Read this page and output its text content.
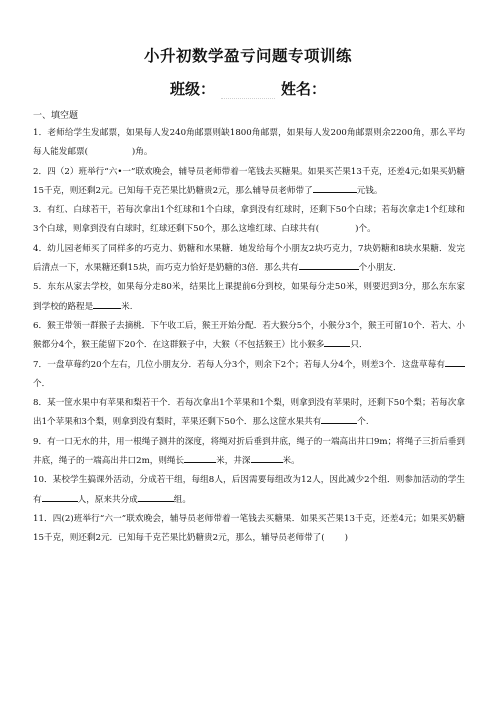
小升初数学盈亏问题专项训练
班级：	姓名：
一、填空题

1．老师给学生发邮票，如果每人发240角邮票则缺1800角邮票，如果每人发200角邮票则余2200角，那么平均每人能发邮票(	)角。

2．四（2）班举行“六•一”联欢晚会，辅导员老师带着一笔钱去买糖果。如果买芒果13千克，还差4元;如果买奶糖15千克，则还剩2元。已知每千克芒果比奶糖贵2元，那么辅导员老师带了	元钱。

3．有红、白球若干，若每次拿出1个红球和1个白球，拿到没有红球时，还剩下50个白球；若每次拿走1个红球和3个白球，则拿到没有白球时，红球还剩下50个，那么这堆红球、白球共有(	)个。

4．幼儿园老师买了同样多的巧克力、奶糖和水果糖．她发给每个小朋友2块巧克力，7块奶糖和8块水果糖．发完后清点一下，水果糖还剩15块，而巧克力恰好是奶糖的3倍．那么共有	个小朋友．

5．东东从家去学校，如果每分走80米，结果比上课提前6分到校，如果每分走50米，则要迟到3分，那么东东家到学校的路程是	米.

6．猴王带领一群猴子去摘桃．下午收工后，猴王开始分配．若大猴分5个，小猴分3个，猴王可留10个．若大、小猴都分4个，猴王能留下20个．在这群猴子中，大猴（不包括猴王）比小猴多	只．

7．一盘草莓约20个左右，几位小朋友分．若每人分3个，则余下2个；若每人分4个，则差3个．这盘草莓有个．

8．某一筐水果中有苹果和梨若干个．若每次拿出1个苹果和1个梨，则拿到没有苹果时，还剩下50个梨；若每次拿出1个苹果和3个梨，则拿到没有梨时，苹果还剩下50个．那么这筐水果共有	个.

9．有一口无水的井，用一根绳子测井的深度，将绳对折后垂到井底，绳子的一端高出井口9m；将绳子三折后垂到井底，绳子的一端高出井口2m，则绳长	米，井深	米。

10．某校学生搞课外活动，分成若干组，每组8人，后因需要每组改为12人，因此减少2个组．则参加活动的学生有	人，原来共分成	组。

11．四(2)班举行“六一”联欢晚会，辅导员老师带着一笔钱去买糖果．如果买芒果13千克，还差4元；如果买奶糖15千克，则还剩2元．已知每千克芒果比奶糖贵2元，那么，辅导员老师带了( )
